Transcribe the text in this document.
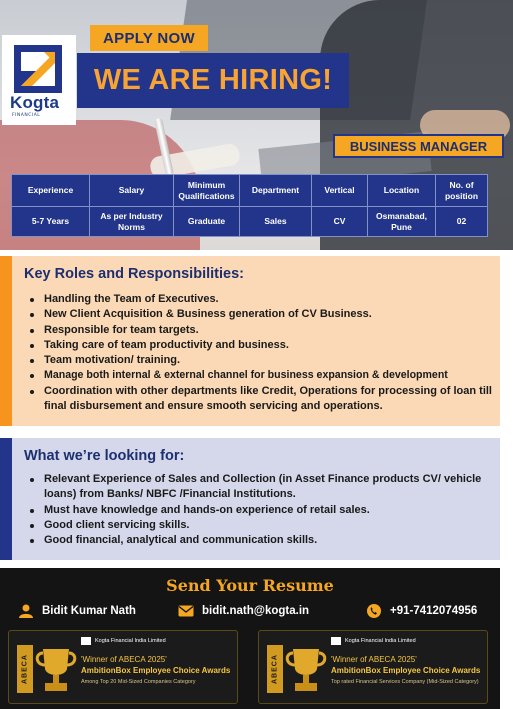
Kogta
FINANCIAL
APPLY NOW
WE ARE HIRING!
BUSINESS MANAGER
Experience	Salary	Minimum Qualifications	Department	Vertical	Location	No. of position
5-7 Years	As per Industry Norms	Graduate	Sales	CV	Osmanabad, Pune	02
Key Roles and Responsibilities:
Handling the Team of Executives.
New Client Acquisition & Business generation of CV Business.
Responsible for team targets.
Taking care of team productivity and business.
Team motivation/ training.
Manage both internal & external channel for business expansion & development
Coordination with other departments like Credit, Operations for processing of loan till final disbursement and ensure smooth servicing and operations.
What we’re looking for:
Relevant Experience of Sales and Collection (in Asset Finance products CV/ vehicle loans) from Banks/ NBFC /Financial Institutions.
Must have knowledge and hands-on experience of retail sales.
Good client servicing skills.
Good financial, analytical and communication skills.
Send Your Resume
Bidit Kumar Nath	bidit.nath@kogta.in	+91-7412074956
ABECA
Kogta Financial India Limited
'Winner of ABECA 2025'
AmbitionBox Employee Choice Awards
Among Top 20 Mid-Sized Companies Category	ABECA
Kogta Financial India Limited
'Winner of ABECA 2025'
AmbitionBox Employee Choice Awards
Top rated Financial Services Company (Mid-Sized Category)
